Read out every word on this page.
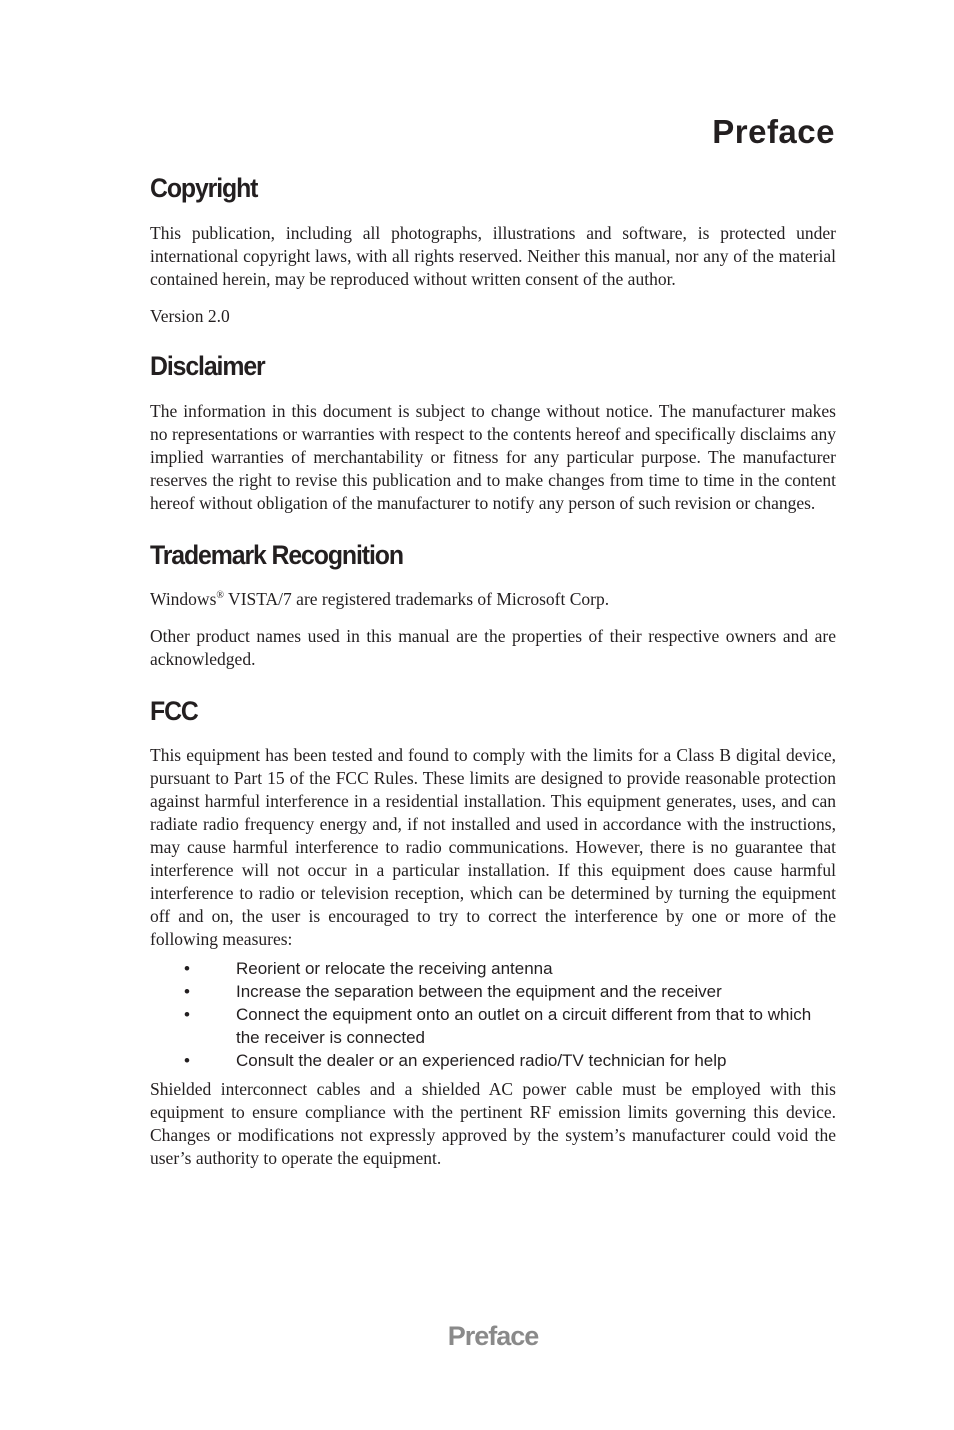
Preface
Copyright

This publication, including all photographs, illustrations and software, is protected under international copyright laws, with all rights reserved. Neither this manual, nor any of the material contained herein, may be reproduced without written consent of the author.

Version 2.0

Disclaimer

The information in this document is subject to change without notice. The manufacturer makes no representations or warranties with respect to the contents hereof and specifically disclaims any implied warranties of merchantability or fitness for any particular purpose. The manufacturer reserves the right to revise this publication and to make changes from time to time in the content hereof without obligation of the manufacturer to notify any person of such revision or changes.

Trademark Recognition

Windows® VISTA/7 are registered trademarks of Microsoft Corp.

Other product names used in this manual are the properties of their respective owners and are acknowledged.

FCC

This equipment has been tested and found to comply with the limits for a Class B digital device, pursuant to Part 15 of the FCC Rules. These limits are designed to provide reasonable protection against harmful interference in a residential installation. This equipment generates, uses, and can radiate radio frequency energy and, if not installed and used in accordance with the instructions, may cause harmful interference to radio communications. However, there is no guarantee that interference will not occur in a particular installation. If this equipment does cause harmful interference to radio or television reception, which can be determined by turning the equipment off and on, the user is encouraged to try to correct the interference by one or more of the following measures:

•	Reorient or relocate the receiving antenna
•	Increase the separation between the equipment and the receiver
•	Connect the equipment onto an outlet on a circuit different from that to which the receiver is connected
•	Consult the dealer or an experienced radio/TV technician for help

Shielded interconnect cables and a shielded AC power cable must be employed with this equipment to ensure compliance with the pertinent RF emission limits governing this device. Changes or modifications not expressly approved by the system’s manufacturer could void the user’s authority to operate the equipment.

Preface
